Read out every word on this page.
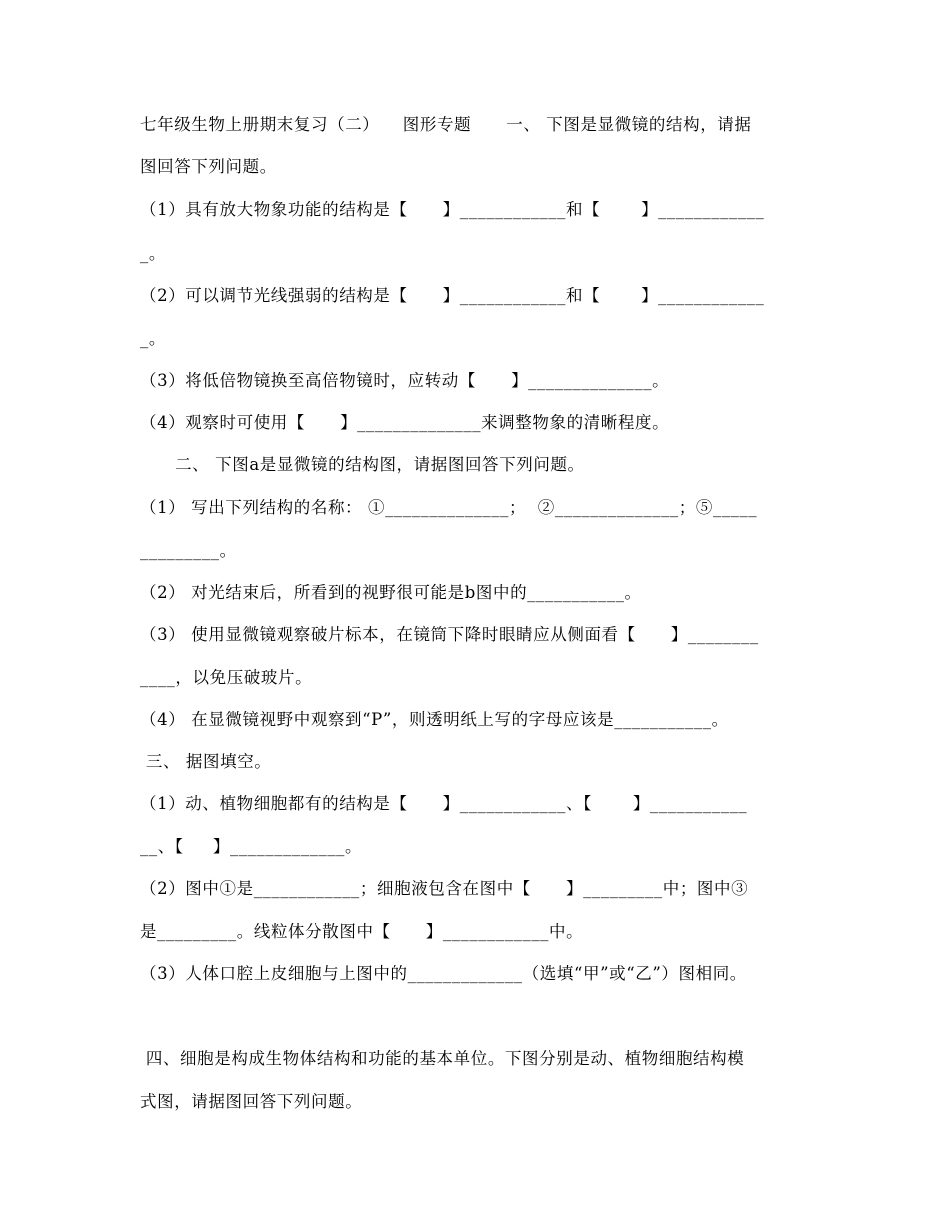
七年级生物上册期末复习（二）    图形专题      一、 下图是显微镜的结构，请据
图回答下列问题。
（1）具有放大物象功能的结构是【      】____________和【       】____________
_。
（2）可以调节光线强弱的结构是【      】____________和【       】____________
_。
（3）将低倍物镜换至高倍物镜时，应转动【      】______________。
（4）观察时可使用【      】______________来调整物象的清晰程度。
二、 下图a是显微镜的结构图，请据图回答下列问题。
（1） 写出下列结构的名称： ①______________；  ②______________；⑤_____
_________。
（2） 对光结束后，所看到的视野很可能是b图中的___________。
（3） 使用显微镜观察破片标本，在镜筒下降时眼睛应从侧面看【      】________
____，以免压破玻片。
（4） 在显微镜视野中观察到“P”，则透明纸上写的字母应该是___________。
三、 据图填空。
（1）动、植物细胞都有的结构是【      】____________、【       】___________
__、【     】_____________。
（2）图中①是____________；细胞液包含在图中【      】_________中；图中③
是_________。线粒体分散图中【      】____________中。
（3）人体口腔上皮细胞与上图中的_____________（选填“甲”或“乙”）图相同。
四、细胞是构成生物体结构和功能的基本单位。下图分别是动、植物细胞结构模
式图，请据图回答下列问题。
